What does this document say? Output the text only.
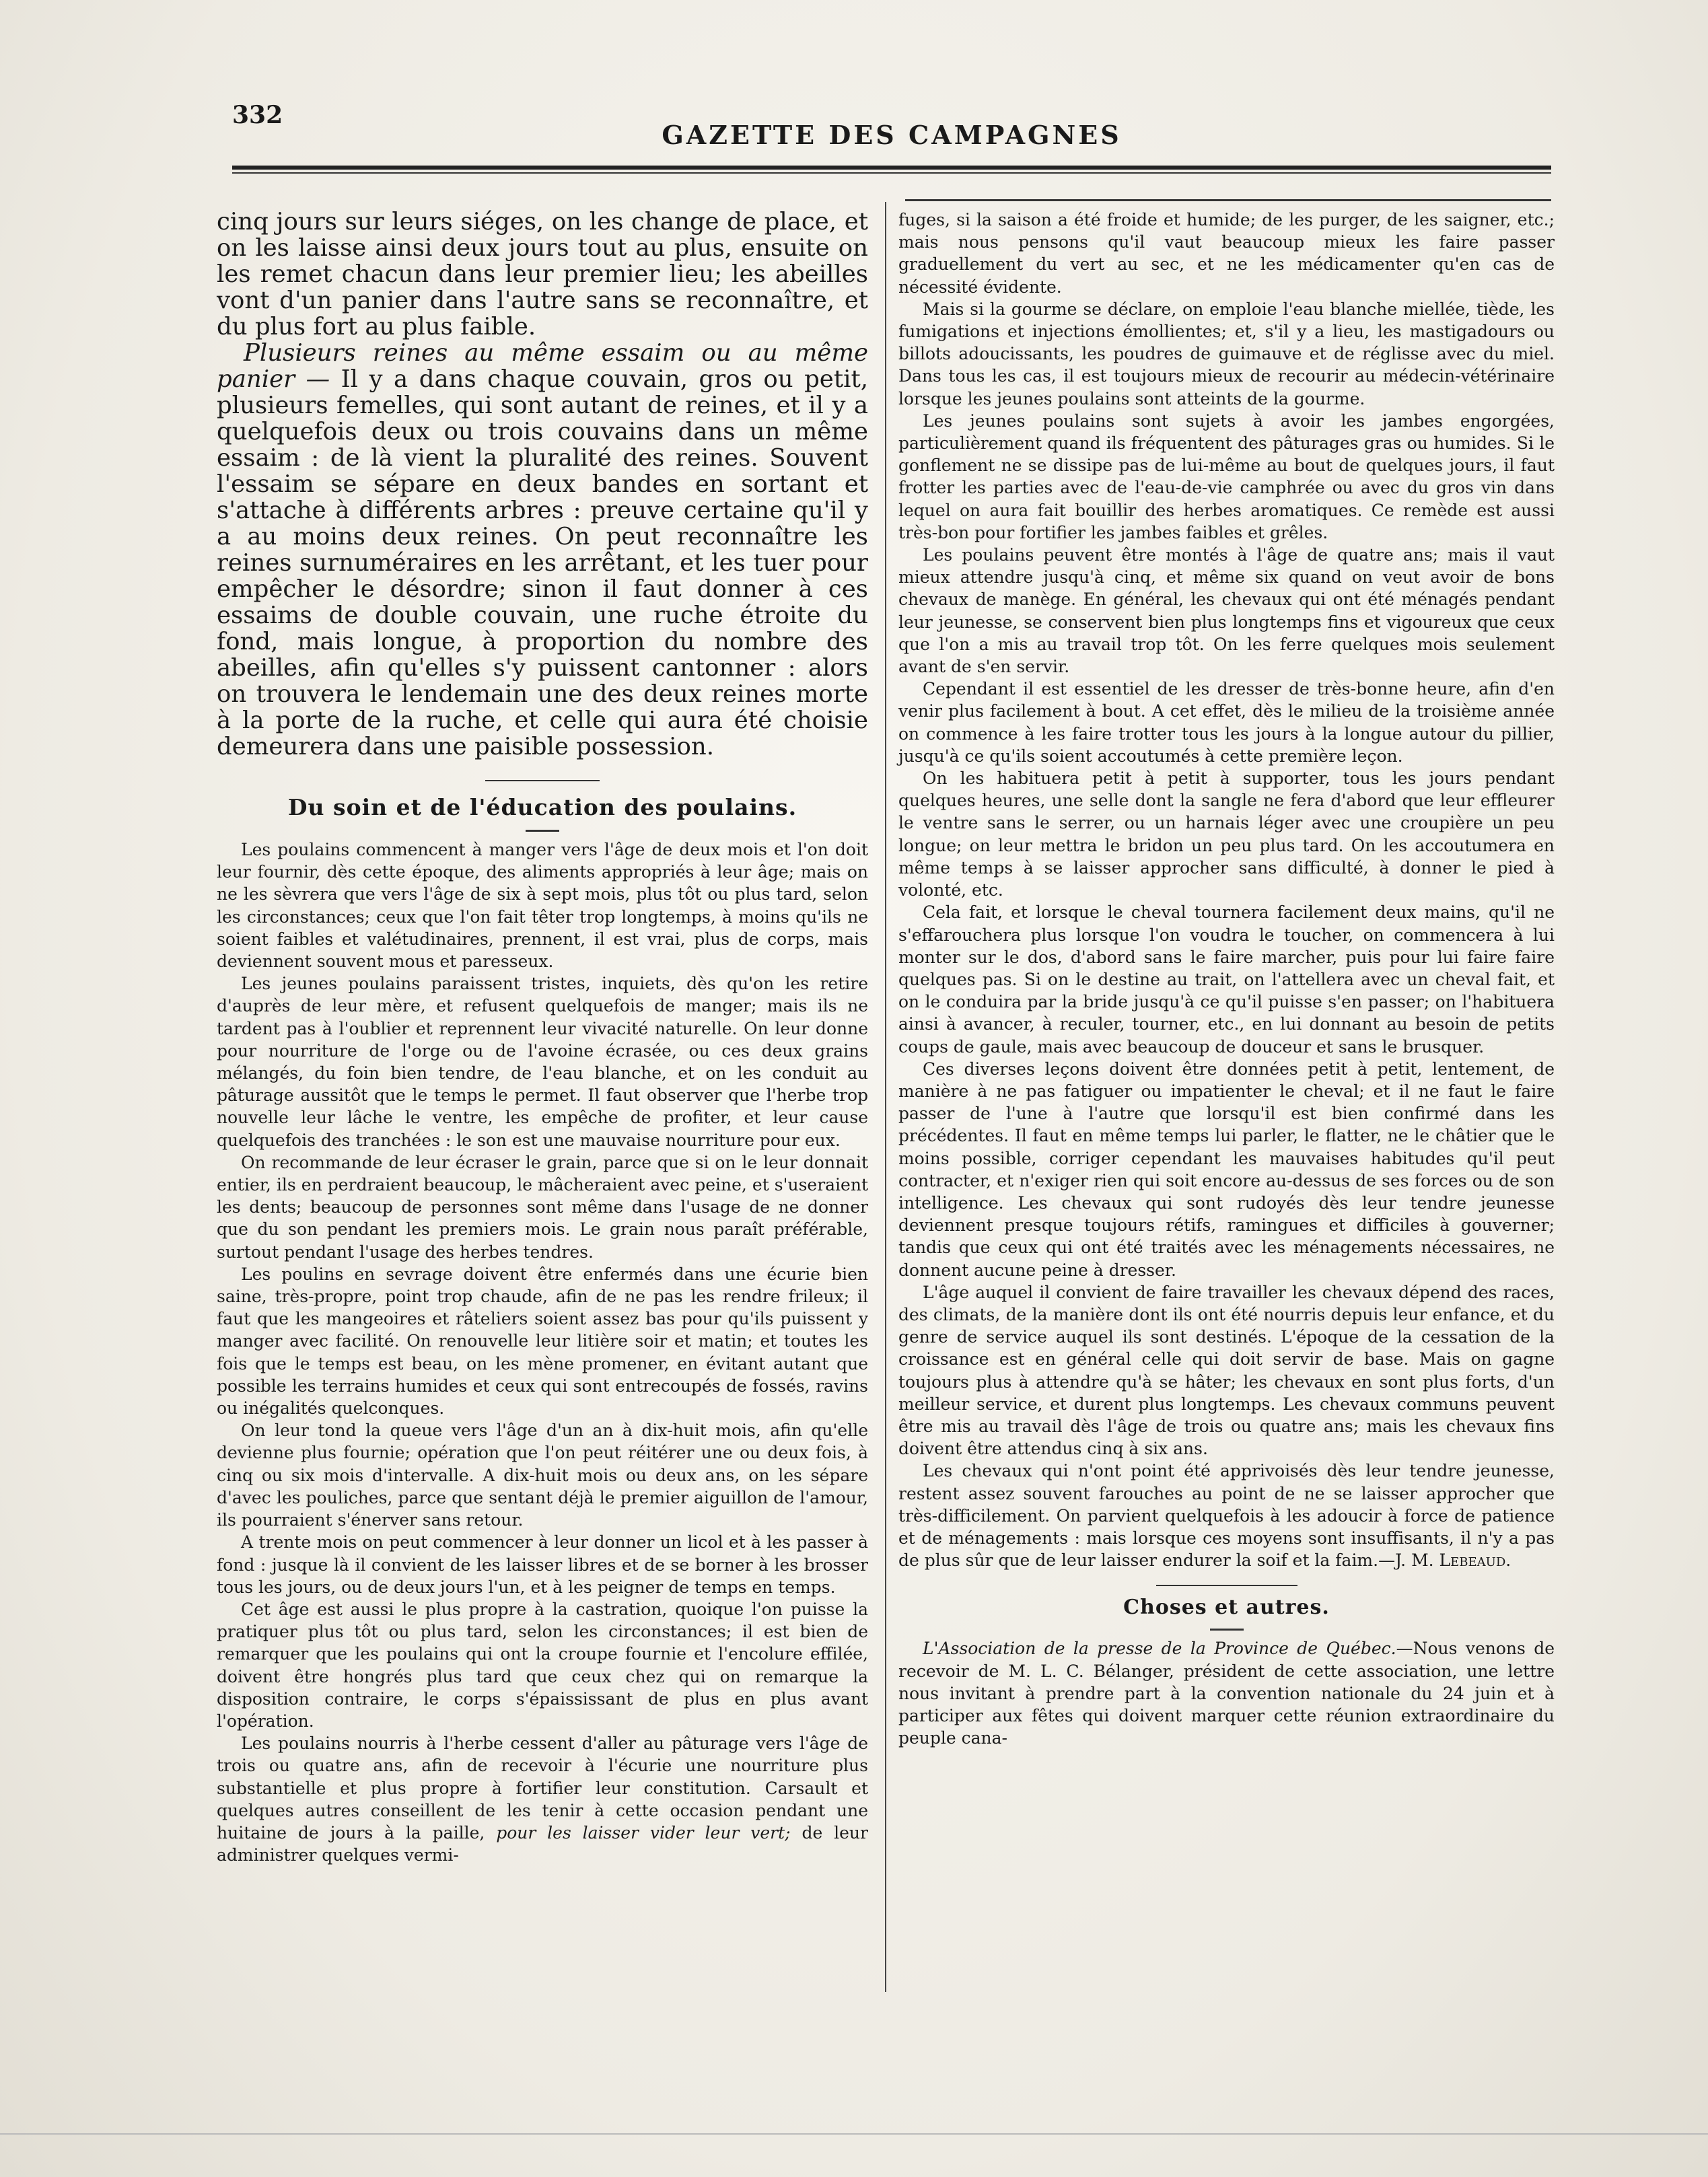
332
GAZETTE DES CAMPAGNES

cinq jours sur leurs siéges, on les change de place, et on les laisse ainsi deux jours tout au plus, ensuite on les remet chacun dans leur premier lieu; les abeilles vont d'un panier dans l'autre sans se reconnaître, et du plus fort au plus faible.

Plusieurs reines au même essaim ou au même panier — Il y a dans chaque couvain, gros ou petit, plusieurs femelles, qui sont autant de reines, et il y a quelquefois deux ou trois couvains dans un même essaim : de là vient la pluralité des reines. Souvent l'essaim se sépare en deux bandes en sortant et s'attache à différents arbres : preuve certaine qu'il y a au moins deux reines. On peut reconnaître les reines surnuméraires en les arrêtant, et les tuer pour empêcher le désordre; sinon il faut donner à ces essaims de double couvain, une ruche étroite du fond, mais longue, à proportion du nombre des abeilles, afin qu'elles s'y puissent cantonner : alors on trouvera le lendemain une des deux reines morte à la porte de la ruche, et celle qui aura été choisie demeurera dans une paisible possession.

Du soin et de l'éducation des poulains.

Les poulains commencent à manger vers l'âge de deux mois et l'on doit leur fournir, dès cette époque, des aliments appropriés à leur âge; mais on ne les sèvrera que vers l'âge de six à sept mois, plus tôt ou plus tard, selon les circonstances; ceux que l'on fait têter trop longtemps, à moins qu'ils ne soient faibles et valétudinaires, prennent, il est vrai, plus de corps, mais deviennent souvent mous et paresseux.

Les jeunes poulains paraissent tristes, inquiets, dès qu'on les retire d'auprès de leur mère, et refusent quelquefois de manger; mais ils ne tardent pas à l'oublier et reprennent leur vivacité naturelle. On leur donne pour nourriture de l'orge ou de l'avoine écrasée, ou ces deux grains mélangés, du foin bien tendre, de l'eau blanche, et on les conduit au pâturage aussitôt que le temps le permet. Il faut observer que l'herbe trop nouvelle leur lâche le ventre, les empêche de profiter, et leur cause quelquefois des tranchées : le son est une mauvaise nourriture pour eux.

On recommande de leur écraser le grain, parce que si on le leur donnait entier, ils en perdraient beaucoup, le mâcheraient avec peine, et s'useraient les dents; beaucoup de personnes sont même dans l'usage de ne donner que du son pendant les premiers mois. Le grain nous paraît préférable, surtout pendant l'usage des herbes tendres.

Les poulins en sevrage doivent être enfermés dans une écurie bien saine, très-propre, point trop chaude, afin de ne pas les rendre frileux; il faut que les mangeoires et râteliers soient assez bas pour qu'ils puissent y manger avec facilité. On renouvelle leur litière soir et matin; et toutes les fois que le temps est beau, on les mène promener, en évitant autant que possible les terrains humides et ceux qui sont entrecoupés de fossés, ravins ou inégalités quelconques.

On leur tond la queue vers l'âge d'un an à dix-huit mois, afin qu'elle devienne plus fournie; opération que l'on peut réitérer une ou deux fois, à cinq ou six mois d'intervalle. A dix-huit mois ou deux ans, on les sépare d'avec les pouliches, parce que sentant déjà le premier aiguillon de l'amour, ils pourraient s'énerver sans retour.

A trente mois on peut commencer à leur donner un licol et à les passer à fond : jusque là il convient de les laisser libres et de se borner à les brosser tous les jours, ou de deux jours l'un, et à les peigner de temps en temps.

Cet âge est aussi le plus propre à la castration, quoique l'on puisse la pratiquer plus tôt ou plus tard, selon les circonstances; il est bien de remarquer que les poulains qui ont la croupe fournie et l'encolure effilée, doivent être hongrés plus tard que ceux chez qui on remarque la disposition contraire, le corps s'épaississant de plus en plus avant l'opération.

Les poulains nourris à l'herbe cessent d'aller au pâturage vers l'âge de trois ou quatre ans, afin de recevoir à l'écurie une nourriture plus substantielle et plus propre à fortifier leur constitution. Carsault et quelques autres conseillent de les tenir à cette occasion pendant une huitaine de jours à la paille, pour les laisser vider leur vert; de leur administrer quelques vermi-

fuges, si la saison a été froide et humide; de les purger, de les saigner, etc.; mais nous pensons qu'il vaut beaucoup mieux les faire passer graduellement du vert au sec, et ne les médicamenter qu'en cas de nécessité évidente.

Mais si la gourme se déclare, on emploie l'eau blanche miellée, tiède, les fumigations et injections émollientes; et, s'il y a lieu, les mastigadours ou billots adoucissants, les poudres de guimauve et de réglisse avec du miel. Dans tous les cas, il est toujours mieux de recourir au médecin-vétérinaire lorsque les jeunes poulains sont atteints de la gourme.

Les jeunes poulains sont sujets à avoir les jambes engorgées, particulièrement quand ils fréquentent des pâturages gras ou humides. Si le gonflement ne se dissipe pas de lui-même au bout de quelques jours, il faut frotter les parties avec de l'eau-de-vie camphrée ou avec du gros vin dans lequel on aura fait bouillir des herbes aromatiques. Ce remède est aussi très-bon pour fortifier les jambes faibles et grêles.

Les poulains peuvent être montés à l'âge de quatre ans; mais il vaut mieux attendre jusqu'à cinq, et même six quand on veut avoir de bons chevaux de manège. En général, les chevaux qui ont été ménagés pendant leur jeunesse, se conservent bien plus longtemps fins et vigoureux que ceux que l'on a mis au travail trop tôt. On les ferre quelques mois seulement avant de s'en servir.

Cependant il est essentiel de les dresser de très-bonne heure, afin d'en venir plus facilement à bout. A cet effet, dès le milieu de la troisième année on commence à les faire trotter tous les jours à la longue autour du pillier, jusqu'à ce qu'ils soient accoutumés à cette première leçon.

On les habituera petit à petit à supporter, tous les jours pendant quelques heures, une selle dont la sangle ne fera d'abord que leur effleurer le ventre sans le serrer, ou un harnais léger avec une croupière un peu longue; on leur mettra le bridon un peu plus tard. On les accoutumera en même temps à se laisser approcher sans difficulté, à donner le pied à volonté, etc.

Cela fait, et lorsque le cheval tournera facilement deux mains, qu'il ne s'effarouchera plus lorsque l'on voudra le toucher, on commencera à lui monter sur le dos, d'abord sans le faire marcher, puis pour lui faire faire quelques pas. Si on le destine au trait, on l'attellera avec un cheval fait, et on le conduira par la bride jusqu'à ce qu'il puisse s'en passer; on l'habituera ainsi à avancer, à reculer, tourner, etc., en lui donnant au besoin de petits coups de gaule, mais avec beaucoup de douceur et sans le brusquer.

Ces diverses leçons doivent être données petit à petit, lentement, de manière à ne pas fatiguer ou impatienter le cheval; et il ne faut le faire passer de l'une à l'autre que lorsqu'il est bien confirmé dans les précédentes. Il faut en même temps lui parler, le flatter, ne le châtier que le moins possible, corriger cependant les mauvaises habitudes qu'il peut contracter, et n'exiger rien qui soit encore au-dessus de ses forces ou de son intelligence. Les chevaux qui sont rudoyés dès leur tendre jeunesse deviennent presque toujours rétifs, ramingues et difficiles à gouverner; tandis que ceux qui ont été traités avec les ménagements nécessaires, ne donnent aucune peine à dresser.

L'âge auquel il convient de faire travailler les chevaux dépend des races, des climats, de la manière dont ils ont été nourris depuis leur enfance, et du genre de service auquel ils sont destinés. L'époque de la cessation de la croissance est en général celle qui doit servir de base. Mais on gagne toujours plus à attendre qu'à se hâter; les chevaux en sont plus forts, d'un meilleur service, et durent plus longtemps. Les chevaux communs peuvent être mis au travail dès l'âge de trois ou quatre ans; mais les chevaux fins doivent être attendus cinq à six ans.

Les chevaux qui n'ont point été apprivoisés dès leur tendre jeunesse, restent assez souvent farouches au point de ne se laisser approcher que très-difficilement. On parvient quelquefois à les adoucir à force de patience et de ménagements : mais lorsque ces moyens sont insuffisants, il n'y a pas de plus sûr que de leur laisser endurer la soif et la faim.—J. M. Lebeaud.

Choses et autres.

L'Association de la presse de la Province de Québec.—Nous venons de recevoir de M. L. C. Bélanger, président de cette association, une lettre nous invitant à prendre part à la convention nationale du 24 juin et à participer aux fêtes qui doivent marquer cette réunion extraordinaire du peuple cana-
